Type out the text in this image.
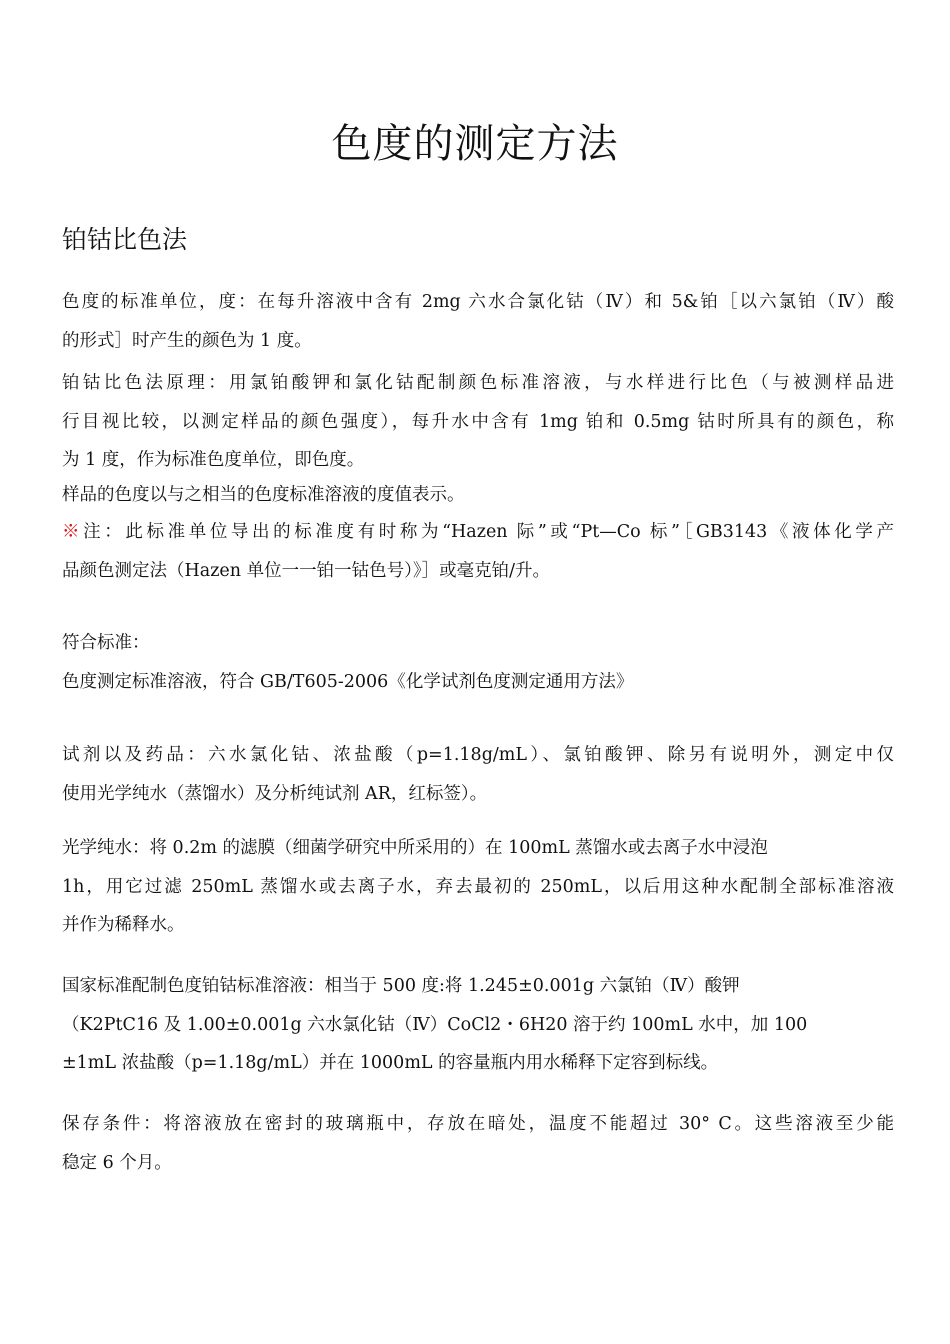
色度的测定方法
铂钴比色法
色度的标准单位，度：在每升溶液中含有 2mg 六水合氯化钴（Ⅳ）和 5&铂［以六氯铂（Ⅳ）酸
的形式］时产生的颜色为 1 度。
铂钴比色法原理：用氯铂酸钾和氯化钴配制颜色标准溶液，与水样进行比色（与被测样品进
行目视比较，以测定样品的颜色强度），每升水中含有 1mg 铂和 0.5mg 钴时所具有的颜色，称
为 1 度，作为标准色度单位，即色度。
样品的色度以与之相当的色度标准溶液的度值表示。
※注：此标准单位导出的标准度有时称为“Hazen 际”或“Pt—Co 标”［GB3143《液体化学产
品颜色测定法（Hazen 单位一一铂一钴色号）》］或毫克铂/升。
符合标准：
色度测定标准溶液，符合 GB/T605-2006《化学试剂色度测定通用方法》
试剂以及药品：六水氯化钴、浓盐酸（p=1.18g/mL）、氯铂酸钾、除另有说明外，测定中仅
使用光学纯水（蒸馏水）及分析纯试剂 AR，红标签）。
光学纯水：将 0.2m 的滤膜（细菌学研究中所采用的）在 100mL 蒸馏水或去离子水中浸泡
1h，用它过滤 250mL 蒸馏水或去离子水，弃去最初的 250mL，以后用这种水配制全部标准溶液
并作为稀释水。
国家标准配制色度铂钴标准溶液：相当于 500 度:将 1.245±0.001g 六氯铂（Ⅳ）酸钾
（K2PtC16 及 1.00±0.001g 六水氯化钴（Ⅳ）CoCl2・6H20 溶于约 100mL 水中，加 100
±1mL 浓盐酸（p=1.18g/mL）并在 1000mL 的容量瓶内用水稀释下定容到标线。
保存条件：将溶液放在密封的玻璃瓶中，存放在暗处，温度不能超过 30° C。这些溶液至少能
稳定 6 个月。
